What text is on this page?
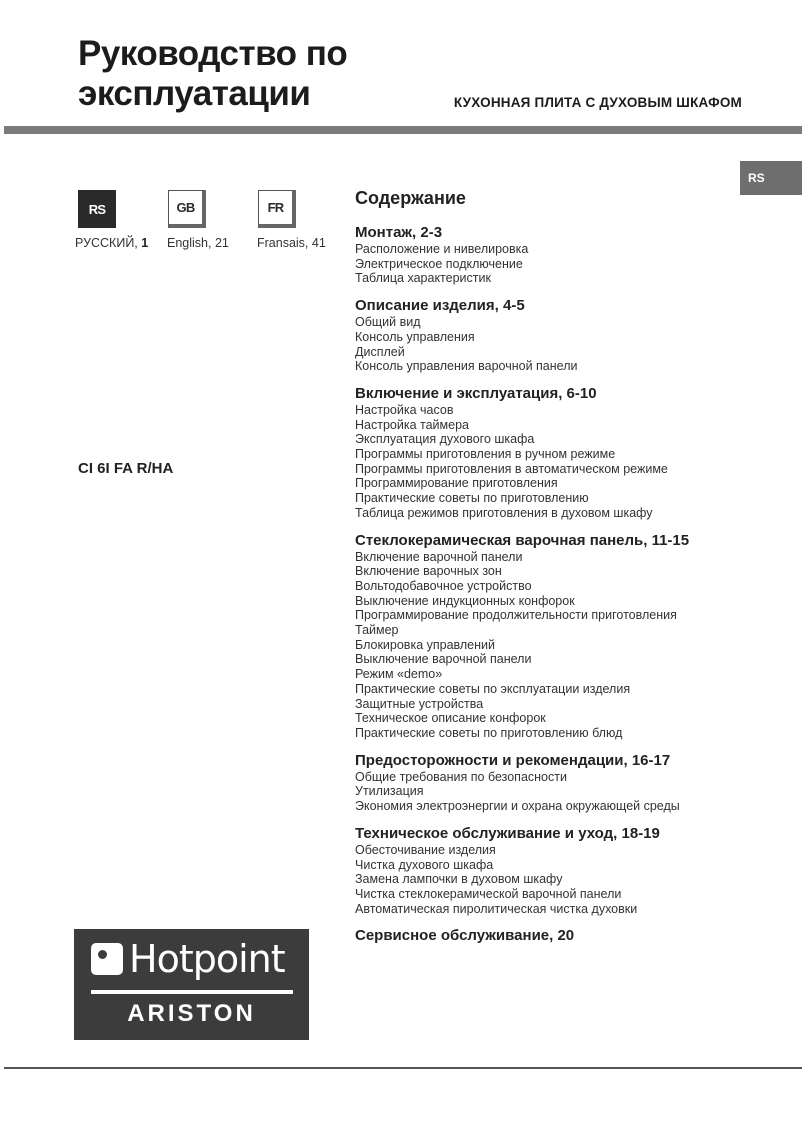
Руководство по
эксплуатации	КУХОННАЯ ПЛИТА С ДУХОВЫМ ШКАФОМ
RS
RS
РУССКИЙ, 1
GB
English, 21
FR
Fransais, 41
CI 6I FA R/HA
Содержание
Монтаж, 2-3
Расположение и нивелировка
Электрическое подключение
Таблица характеристик
Описание изделия, 4-5
Общий вид
Консоль управления
Дисплей
Консоль управления варочной панели
Включение и эксплуатация, 6-10
Настройка часов
Настройка таймера
Эксплуатация духового шкафа
Программы приготовления в ручном режиме
Программы приготовления в автоматическом режиме
Программирование приготовления
Практические советы по приготовлению
Таблица режимов приготовления в духовом шкафу
Стеклокерамическая варочная панель, 11-15
Включение варочной панели
Включение варочных зон
Вольтодобавочное устройство
Выключение индукционных конфорок
Программирование продолжительности приготовления
Таймер
Блокировка управлений
Выключение варочной панели
Режим «demo»
Практические советы по эксплуатации изделия
Защитные устройства
Техническое описание конфорок
Практические советы по приготовлению блюд
Предосторожности и рекомендации, 16-17
Общие требования по безопасности
Утилизация
Экономия электроэнергии и охрана окружающей среды
Техническое обслуживание и уход, 18-19
Обесточивание изделия
Чистка духового шкафа
Замена лампочки в духовом шкафу
Чистка стеклокерамической варочной панели
Автоматическая пиролитическая чистка духовки
Сервисное обслуживание, 20
Hotpoint
ARISTON
